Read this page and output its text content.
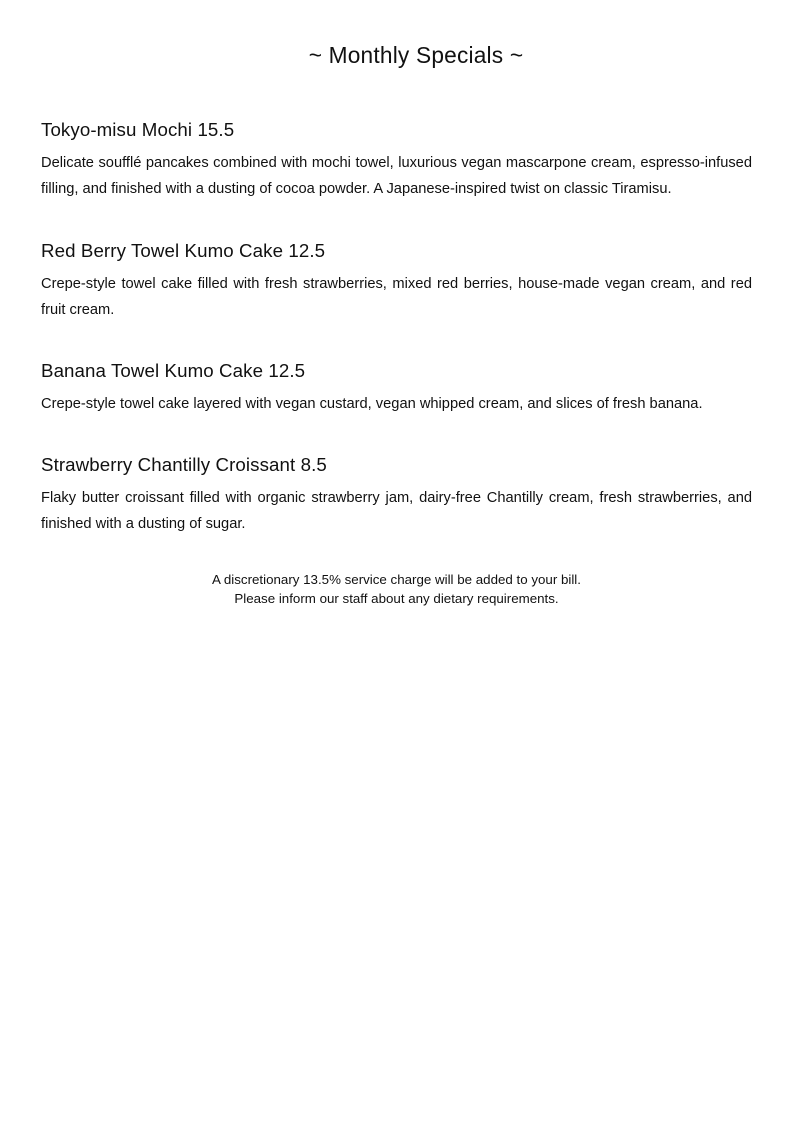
~ Monthly Specials ~
Tokyo-misu Mochi 15.5

Delicate soufflé pancakes combined with mochi towel, luxurious vegan mascarpone cream, espresso-infused filling, and finished with a dusting of cocoa powder. A Japanese-inspired twist on classic Tiramisu.

Red Berry Towel Kumo Cake 12.5

Crepe-style towel cake filled with fresh strawberries, mixed red berries, house-made vegan cream, and red fruit cream.

Banana Towel Kumo Cake 12.5

Crepe-style towel cake layered with vegan custard, vegan whipped cream, and slices of fresh banana.

Strawberry Chantilly Croissant 8.5

Flaky butter croissant filled with organic strawberry jam, dairy-free Chantilly cream, fresh strawberries, and finished with a dusting of sugar.

A discretionary 13.5% service charge will be added to your bill.
Please inform our staff about any dietary requirements.
